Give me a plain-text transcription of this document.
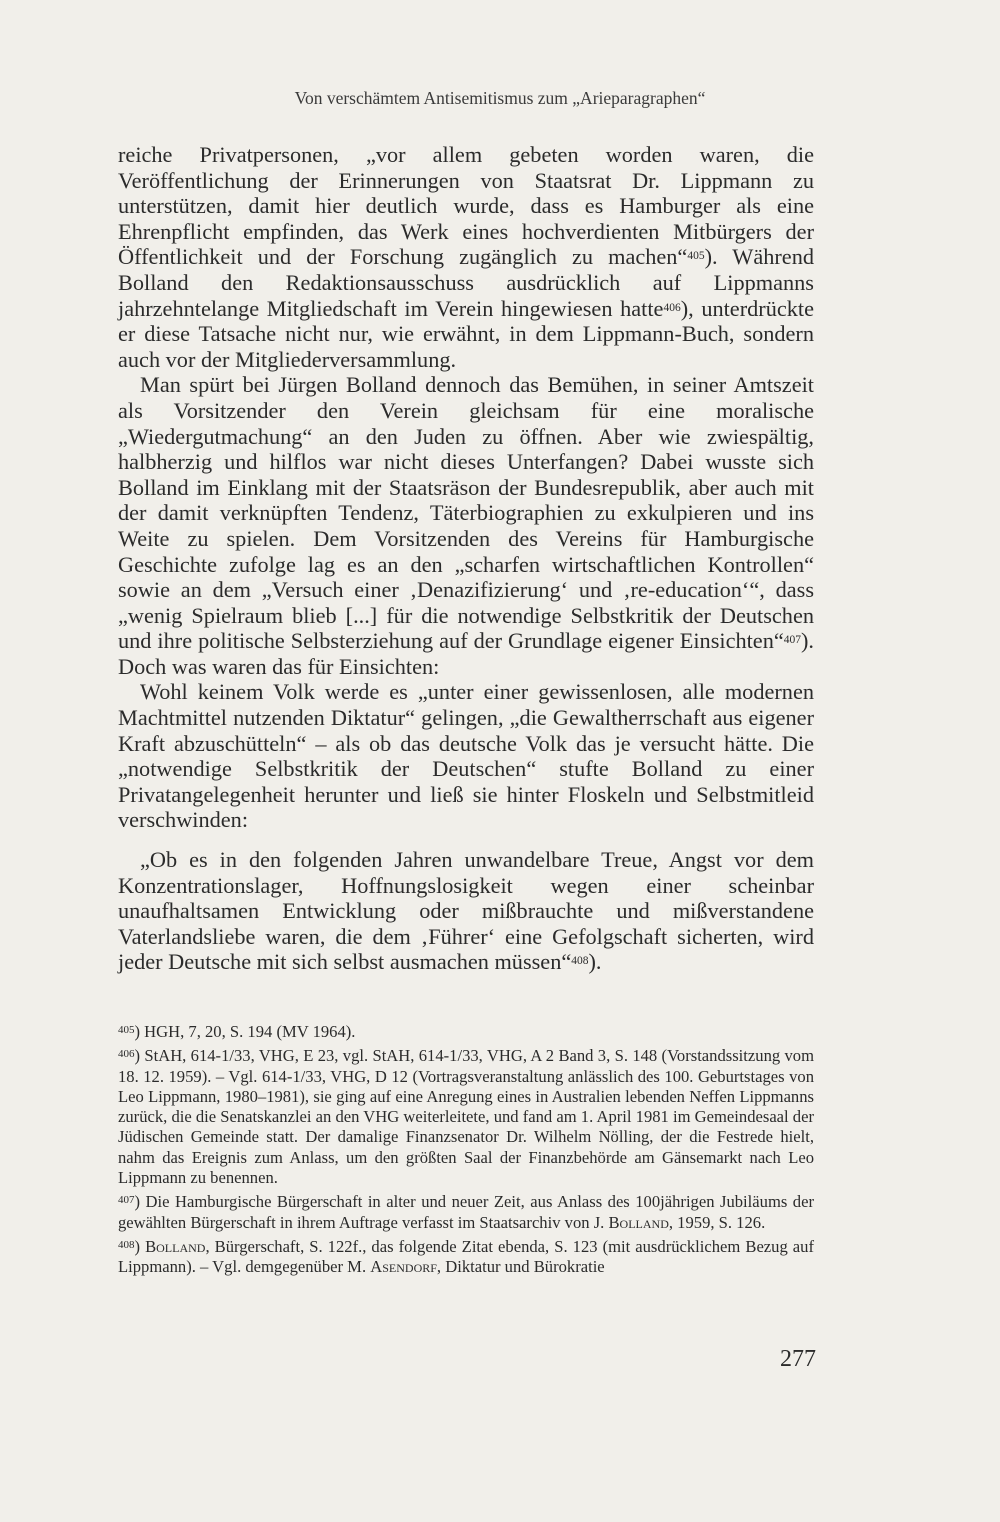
Von verschämtem Antisemitismus zum „Arieparagraphen“

reiche Privatpersonen, „vor allem gebeten worden waren, die Veröffentlichung der Erinnerungen von Staatsrat Dr. Lippmann zu unterstützen, damit hier deutlich wurde, dass es Hamburger als eine Ehrenpflicht empfinden, das Werk eines hochverdienten Mitbürgers der Öffentlichkeit und der Forschung zugänglich zu machen“$^{405}$). Während Bolland den Redaktionsausschuss ausdrücklich auf Lippmanns jahrzehntelange Mitgliedschaft im Verein hingewiesen hatte$^{406}$), unterdrückte er diese Tatsache nicht nur, wie erwähnt, in dem Lippmann-Buch, sondern auch vor der Mitgliederversammlung.

Man spürt bei Jürgen Bolland dennoch das Bemühen, in seiner Amtszeit als Vorsitzender den Verein gleichsam für eine moralische „Wiedergutmachung“ an den Juden zu öffnen. Aber wie zwiespältig, halbherzig und hilflos war nicht dieses Unterfangen? Dabei wusste sich Bolland im Einklang mit der Staatsräson der Bundesrepublik, aber auch mit der damit verknüpften Tendenz, Täterbiographien zu exkulpieren und ins Weite zu spielen. Dem Vorsitzenden des Vereins für Hamburgische Geschichte zufolge lag es an den „scharfen wirtschaftlichen Kontrollen“ sowie an dem „Versuch einer ‚Denazifizierung‘ und ‚re-education‘“, dass „wenig Spielraum blieb [...] für die notwendige Selbstkritik der Deutschen und ihre politische Selbsterziehung auf der Grundlage eigener Einsichten“$^{407}$). Doch was waren das für Einsichten:

Wohl keinem Volk werde es „unter einer gewissenlosen, alle modernen Machtmittel nutzenden Diktatur“ gelingen, „die Gewaltherrschaft aus eigener Kraft abzuschütteln“ – als ob das deutsche Volk das je versucht hätte. Die „notwendige Selbstkritik der Deutschen“ stufte Bolland zu einer Privatangelegenheit herunter und ließ sie hinter Floskeln und Selbstmitleid verschwinden:

„Ob es in den folgenden Jahren unwandelbare Treue, Angst vor dem Konzentrationslager, Hoffnungslosigkeit wegen einer scheinbar unaufhaltsamen Entwicklung oder mißbrauchte und mißverstandene Vaterlandsliebe waren, die dem ‚Führer‘ eine Gefolgschaft sicherten, wird jeder Deutsche mit sich selbst ausmachen müssen“$^{408}$).

$^{405}$) HGH, 7, 20, S. 194 (MV 1964).

$^{406}$) StAH, 614-1/33, VHG, E 23, vgl. StAH, 614-1/33, VHG, A 2 Band 3, S. 148 (Vorstandssitzung vom 18. 12. 1959). – Vgl. 614-1/33, VHG, D 12 (Vortragsveranstaltung anlässlich des 100. Geburtstages von Leo Lippmann, 1980–1981), sie ging auf eine Anregung eines in Australien lebenden Neffen Lippmanns zurück, die die Senatskanzlei an den VHG weiterleitete, und fand am 1. April 1981 im Gemeindesaal der Jüdischen Gemeinde statt. Der damalige Finanzsenator Dr. Wilhelm Nölling, der die Festrede hielt, nahm das Ereignis zum Anlass, um den größten Saal der Finanzbehörde am Gänsemarkt nach Leo Lippmann zu benennen.

$^{407}$) Die Hamburgische Bürgerschaft in alter und neuer Zeit, aus Anlass des 100jährigen Jubiläums der gewählten Bürgerschaft in ihrem Auftrage verfasst im Staatsarchiv von J. Bolland, 1959, S. 126.

$^{408}$) Bolland, Bürgerschaft, S. 122f., das folgende Zitat ebenda, S. 123 (mit ausdrücklichem Bezug auf Lippmann). – Vgl. demgegenüber M. Asendorf, Diktatur und Bürokratie

277
